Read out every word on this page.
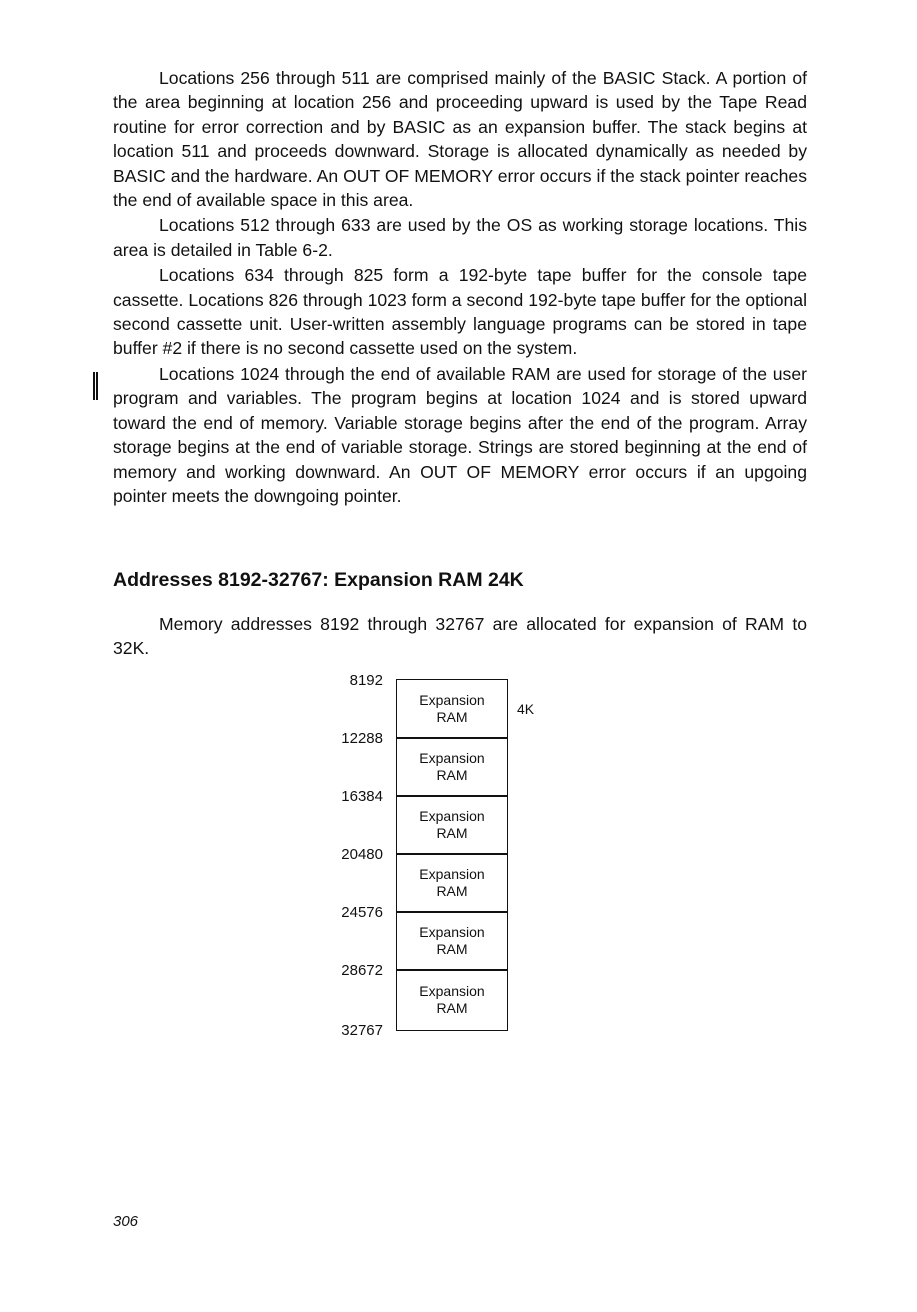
Locations 256 through 511 are comprised mainly of the BASIC Stack. A portion of the area beginning at location 256 and proceeding upward is used by the Tape Read routine for error correction and by BASIC as an expansion buffer. The stack begins at location 511 and proceeds downward. Storage is allocated dynamically as needed by BASIC and the hardware. An OUT OF MEMORY error occurs if the stack pointer reaches the end of available space in this area.

Locations 512 through 633 are used by the OS as working storage locations. This area is detailed in Table 6-2.

Locations 634 through 825 form a 192-byte tape buffer for the console tape cassette. Locations 826 through 1023 form a second 192-byte tape buffer for the optional second cassette unit. User-written assembly language programs can be stored in tape buffer #2 if there is no second cassette used on the system.

Locations 1024 through the end of available RAM are used for storage of the user program and variables. The program begins at location 1024 and is stored upward toward the end of memory. Variable storage begins after the end of the program. Array storage begins at the end of variable storage. Strings are stored beginning at the end of memory and working downward. An OUT OF MEMORY error occurs if an upgoing pointer meets the downgoing pointer.

Addresses 8192-32767: Expansion RAM 24K

Memory addresses 8192 through 32767 are allocated for expansion of RAM to 32K.

8192
12288
16384
20480
24576
28672
32767
Expansion
RAM
Expansion
RAM
Expansion
RAM
Expansion
RAM
Expansion
RAM
Expansion
RAM
4K
306
